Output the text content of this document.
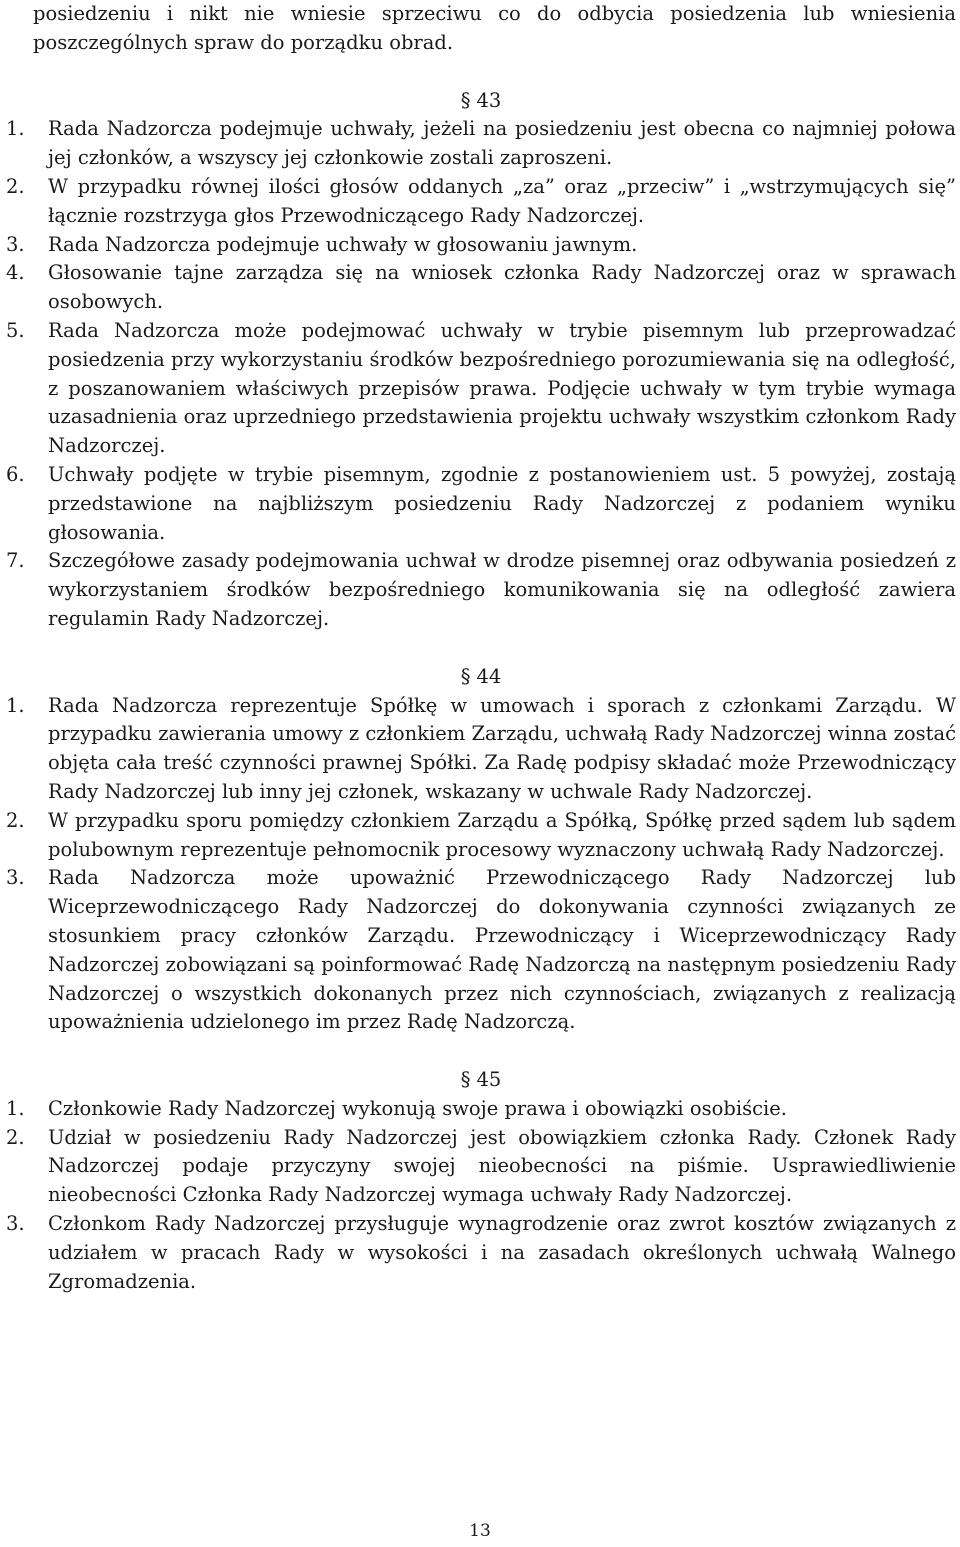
posiedzeniu i nikt nie wniesie sprzeciwu co do odbycia posiedzenia lub wniesienia poszczególnych spraw do porządku obrad.

§ 43
1. Rada Nadzorcza podejmuje uchwały, jeżeli na posiedzeniu jest obecna co najmniej połowa jej członków, a wszyscy jej członkowie zostali zaproszeni.
2. W przypadku równej ilości głosów oddanych „za” oraz „przeciw” i „wstrzymujących się” łącznie rozstrzyga głos Przewodniczącego Rady Nadzorczej.
3. Rada Nadzorcza podejmuje uchwały w głosowaniu jawnym.
4. Głosowanie tajne zarządza się na wniosek członka Rady Nadzorczej oraz w sprawach osobowych.
5. Rada Nadzorcza może podejmować uchwały w trybie pisemnym lub przeprowadzać posiedzenia przy wykorzystaniu środków bezpośredniego porozumiewania się na odległość, z poszanowaniem właściwych przepisów prawa. Podjęcie uchwały w tym trybie wymaga uzasadnienia oraz uprzedniego przedstawienia projektu uchwały wszystkim członkom Rady Nadzorczej.
6. Uchwały podjęte w trybie pisemnym, zgodnie z postanowieniem ust. 5 powyżej, zostają przedstawione na najbliższym posiedzeniu Rady Nadzorczej z podaniem wyniku głosowania.
7. Szczegółowe zasady podejmowania uchwał w drodze pisemnej oraz odbywania posiedzeń z wykorzystaniem środków bezpośredniego komunikowania się na odległość zawiera regulamin Rady Nadzorczej.
§ 44
1. Rada Nadzorcza reprezentuje Spółkę w umowach i sporach z członkami Zarządu. W przypadku zawierania umowy z członkiem Zarządu, uchwałą Rady Nadzorczej winna zostać objęta cała treść czynności prawnej Spółki. Za Radę podpisy składać może Przewodniczący Rady Nadzorczej lub inny jej członek, wskazany w uchwale Rady Nadzorczej.
2. W przypadku sporu pomiędzy członkiem Zarządu a Spółką, Spółkę przed sądem lub sądem polubownym reprezentuje pełnomocnik procesowy wyznaczony uchwałą Rady Nadzorczej.
3. Rada Nadzorcza może upoważnić Przewodniczącego Rady Nadzorczej lub Wiceprzewodniczącego Rady Nadzorczej do dokonywania czynności związanych ze stosunkiem pracy członków Zarządu. Przewodniczący i Wiceprzewodniczący Rady Nadzorczej zobowiązani są poinformować Radę Nadzorczą na następnym posiedzeniu Rady Nadzorczej o wszystkich dokonanych przez nich czynnościach, związanych z realizacją upoważnienia udzielonego im przez Radę Nadzorczą.
§ 45
1. Członkowie Rady Nadzorczej wykonują swoje prawa i obowiązki osobiście.
2. Udział w posiedzeniu Rady Nadzorczej jest obowiązkiem członka Rady. Członek Rady Nadzorczej podaje przyczyny swojej nieobecności na piśmie. Usprawiedliwienie nieobecności Członka Rady Nadzorczej wymaga uchwały Rady Nadzorczej.
3. Członkom Rady Nadzorczej przysługuje wynagrodzenie oraz zwrot kosztów związanych z udziałem w pracach Rady w wysokości i na zasadach określonych uchwałą Walnego Zgromadzenia.
13
